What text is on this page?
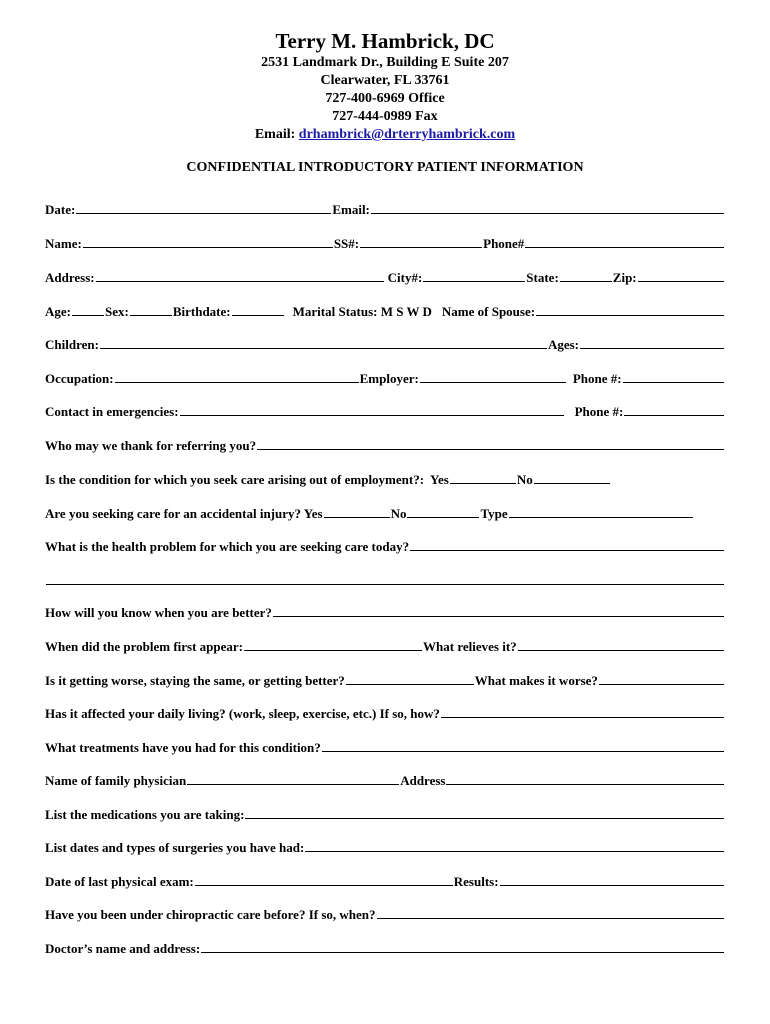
Terry M. Hambrick, DC
2531 Landmark Dr., Building E Suite 207
Clearwater, FL 33761
727-400-6969 Office
727-444-0989 Fax
Email: drhambrick@drterryhambrick.com
CONFIDENTIAL INTRODUCTORY PATIENT INFORMATION
Date:	Email:
Name:	SS#:	Phone#
Address:	City#:	State:	Zip:
Age:	Sex:	Birthdate:	Marital Status: M S W D Name of Spouse:
Children:	Ages:
Occupation:	Employer:	Phone #:
Contact in emergencies:	Phone #:
Who may we thank for referring you?
Is the condition for which you seek care arising out of employment?: Yes	No
Are you seeking care for an accidental injury? Yes	No	Type
What is the health problem for which you are seeking care today?
How will you know when you are better?
When did the problem first appear:	What relieves it?
Is it getting worse, staying the same, or getting better?	What makes it worse?
Has it affected your daily living? (work, sleep, exercise, etc.) If so, how?
What treatments have you had for this condition?
Name of family physician	Address
List the medications you are taking:
List dates and types of surgeries you have had:
Date of last physical exam:	Results:
Have you been under chiropractic care before? If so, when?
Doctor’s name and address:
